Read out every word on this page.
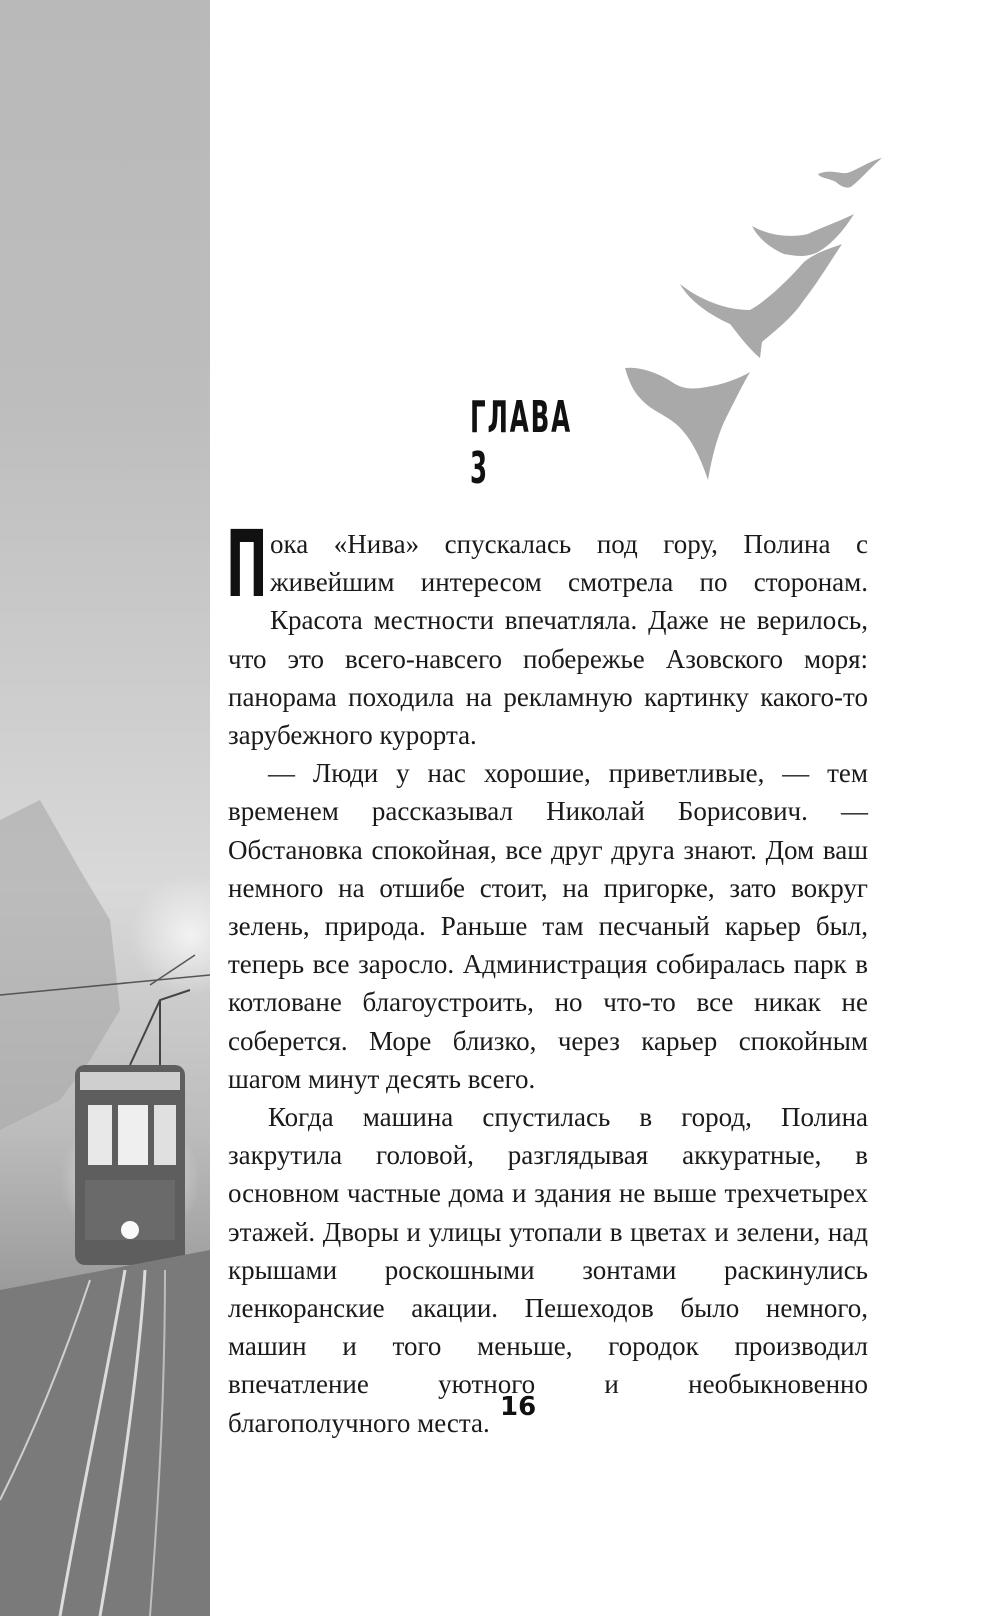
ГЛАВА 3

Пока «Нива» спускалась под гору, Полина с живейшим интересом смотрела по сторонам. Красота местности впечатляла. Даже не верилось, что это всего-навсего побережье Азовского моря: панорама походила на рекламную картинку какого-то зарубежного курорта.

— Люди у нас хорошие, приветливые, — тем временем рассказывал Николай Борисович. — Обстановка спокойная, все друг друга знают. Дом ваш немного на отшибе стоит, на пригорке, зато вокруг зелень, природа. Раньше там песчаный карьер был, теперь все заросло. Администрация собиралась парк в котловане благоустроить, но что-то все никак не соберется. Море близко, через карьер спокойным шагом минут десять всего.

Когда машина спустилась в город, Полина закрутила головой, разглядывая аккуратные, в основном частные дома и здания не выше трехчетырех этажей. Дворы и улицы утопали в цветах и зелени, над крышами роскошными зонтами раскинулись ленкоранские акации. Пешеходов было немного, машин и того меньше, городок производил впечатление уютного и необыкновенно благополучного места.

16
